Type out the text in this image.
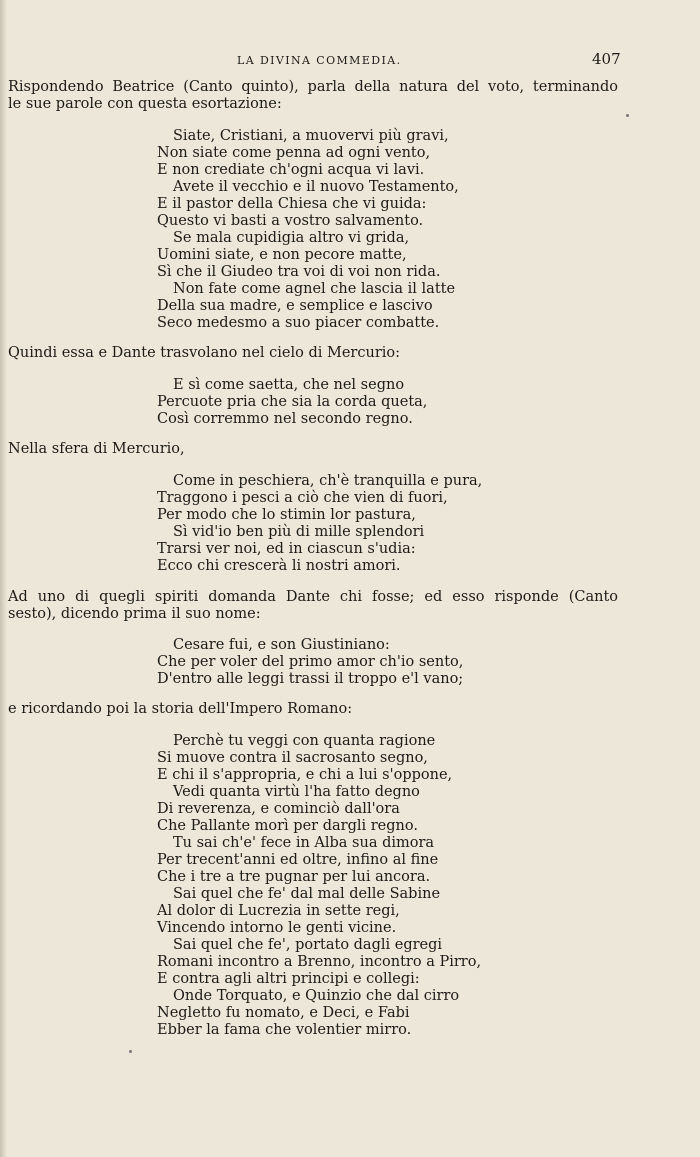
LA DIVINA COMMEDIA.	407
Rispondendo Beatrice (Canto quinto), parla della natura del voto, terminando
le sue parole con questa esortazione:
Siate, Cristiani, a muovervi più gravi,
Non siate come penna ad ogni vento,
E non crediate ch'ogni acqua vi lavi.
Avete il vecchio e il nuovo Testamento,
E il pastor della Chiesa che vi guida:
Questo vi basti a vostro salvamento.
Se mala cupidigia altro vi grida,
Uomini siate, e non pecore matte,
Sì che il Giudeo tra voi di voi non rida.
Non fate come agnel che lascia il latte
Della sua madre, e semplice e lascivo
Seco medesmo a suo piacer combatte.
Quindi essa e Dante trasvolano nel cielo di Mercurio:
E sì come saetta, che nel segno
Percuote pria che sia la corda queta,
Così corremmo nel secondo regno.
Nella sfera di Mercurio,
Come in peschiera, ch'è tranquilla e pura,
Traggono i pesci a ciò che vien di fuori,
Per modo che lo stimin lor pastura,
Sì vid'io ben più di mille splendori
Trarsi ver noi, ed in ciascun s'udia:
Ecco chi crescerà li nostri amori.
Ad uno di quegli spiriti domanda Dante chi fosse; ed esso risponde (Canto
sesto), dicendo prima il suo nome:
Cesare fui, e son Giustiniano:
Che per voler del primo amor ch'io sento,
D'entro alle leggi trassi il troppo e'l vano;
e ricordando poi la storia dell'Impero Romano:
Perchè tu veggi con quanta ragione
Si muove contra il sacrosanto segno,
E chi il s'appropria, e chi a lui s'oppone,
Vedi quanta virtù l'ha fatto degno
Di reverenza, e cominciò dall'ora
Che Pallante morì per dargli regno.
Tu sai ch'e' fece in Alba sua dimora
Per trecent'anni ed oltre, infino al fine
Che i tre a tre pugnar per lui ancora.
Sai quel che fe' dal mal delle Sabine
Al dolor di Lucrezia in sette regi,
Vincendo intorno le genti vicine.
Sai quel che fe', portato dagli egregi
Romani incontro a Brenno, incontro a Pirro,
E contra agli altri principi e collegi:
Onde Torquato, e Quinzio che dal cirro
Negletto fu nomato, e Deci, e Fabi
Ebber la fama che volentier mirro.
